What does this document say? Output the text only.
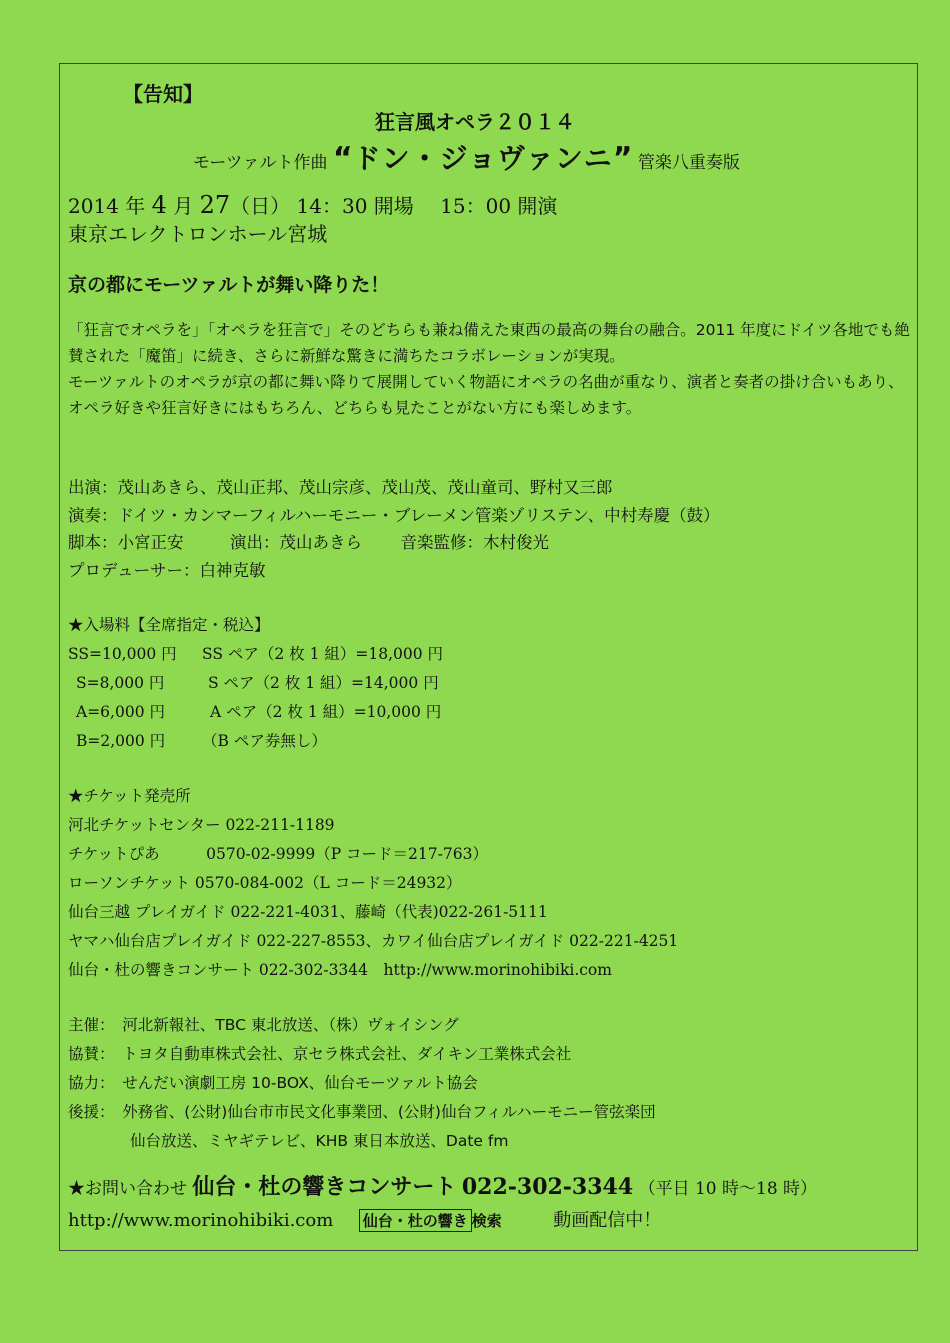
【告知】
狂言風オペラ２０１４
モーツァルト作曲 “ドン・ジョヴァンニ” 管楽八重奏版
2014 年 4 月 27（日） 14：30 開場　 15：00 開演
東京エレクトロンホール宮城
京の都にモーツァルトが舞い降りた！

「狂言でオペラを」「オペラを狂言で」そのどちらも兼ね備えた東西の最高の舞台の融合。2011 年度にドイツ各地でも絶賛された「魔笛」に続き、さらに新鮮な驚きに満ちたコラボレーションが実現。

モーツァルトのオペラが京の都に舞い降りて展開していく物語にオペラの名曲が重なり、演者と奏者の掛け合いもあり、オペラ好きや狂言好きにはもちろん、どちらも見たことがない方にも楽しめます。

出演：茂山あきら、茂山正邦、茂山宗彦、茂山茂、茂山童司、野村又三郎
演奏：ドイツ・カンマーフィルハーモニー・ブレーメン管楽ゾリステン、中村寿慶（鼓）
脚本：小宮正安	演出：茂山あきら 音楽監修：木村俊光
プロデューサー：白神克敏
★入場料【全席指定・税込】
SS=10,000 円 SS ペア（2 枚 1 組）=18,000 円
S=8,000 円	S ペア（2 枚 1 組）=14,000 円
A=6,000 円	A ペア（2 枚 1 組）=10,000 円
B=2,000 円 （B ペア券無し）
★チケット発売所
河北チケットセンター 022-211-1189
チケットぴあ　　　0570-02-9999（P コード＝217-763）
ローソンチケット 0570-084-002（L コード＝24932）
仙台三越 プレイガイド 022-221-4031、藤崎（代表)022-261-5111
ヤマハ仙台店プレイガイド 022-227-8553、カワイ仙台店プレイガイド 022-221-4251
仙台・杜の響きコンサート 022-302-3344　http://www.morinohibiki.com
主催：　河北新報社、TBC 東北放送、（株）ヴォイシング
協賛：　トヨタ自動車株式会社、京セラ株式会社、ダイキン工業株式会社
協力：　せんだい演劇工房 10-BOX、仙台モーツァルト協会
後援：　外務省、(公財)仙台市市民文化事業団、(公財)仙台フィルハーモニー管弦楽団
仙台放送、ミヤギテレビ、KHB 東日本放送、Date fm
★お問い合わせ 仙台・杜の響きコンサート 022-302-3344 （平日 10 時～18 時）
http://www.morinohibiki.com 仙台・杜の響き 検索	動画配信中！
